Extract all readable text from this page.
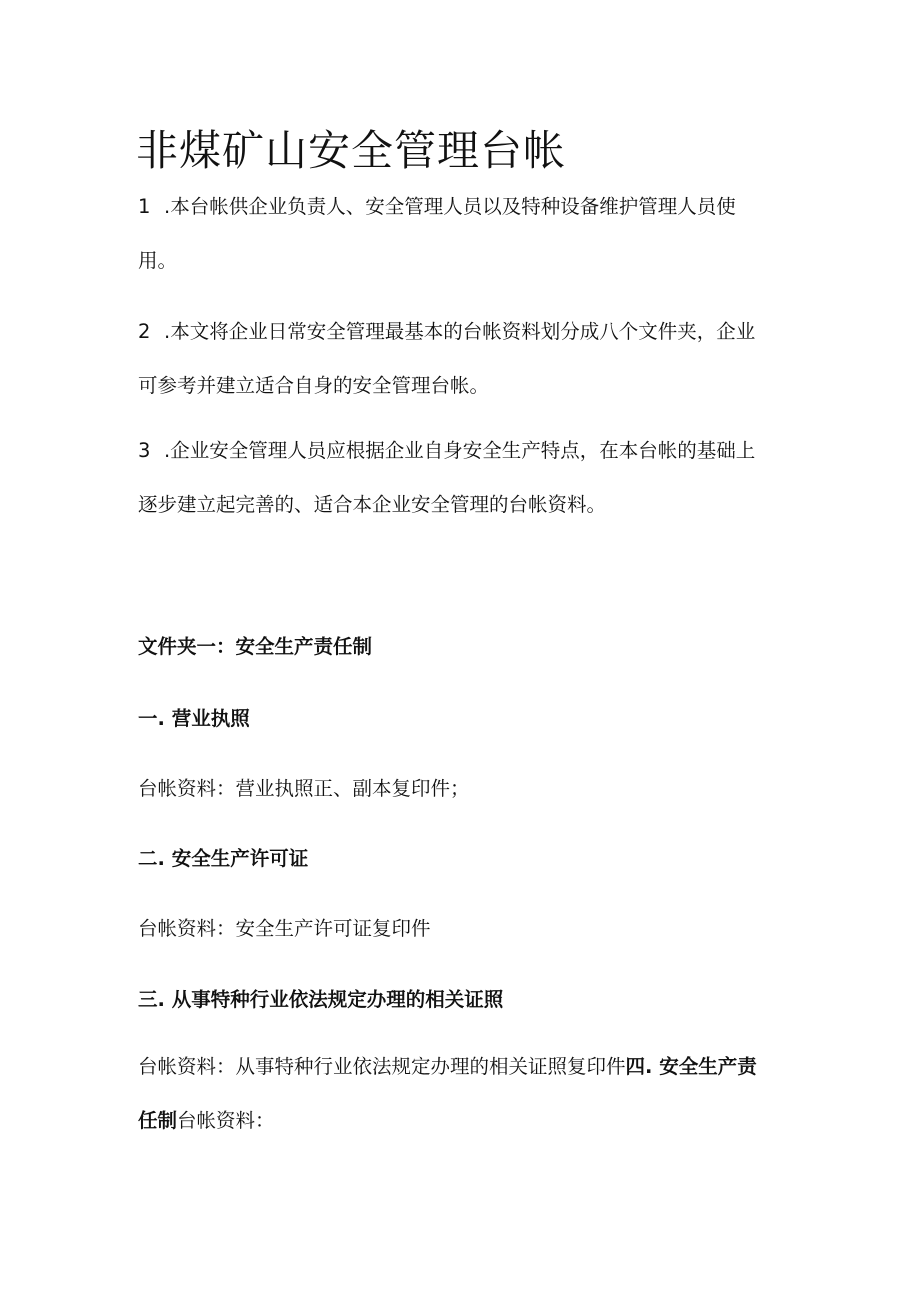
非煤矿山安全管理台帐

1 .本台帐供企业负责人、安全管理人员以及特种设备维护管理人员使
用。

2 .本文将企业日常安全管理最基本的台帐资料划分成八个文件夹，企业
可参考并建立适合自身的安全管理台帐。

3 .企业安全管理人员应根据企业自身安全生产特点，在本台帐的基础上
逐步建立起完善的、适合本企业安全管理的台帐资料。

文件夹一：安全生产责任制
一. 营业执照

台帐资料：营业执照正、副本复印件；

二. 安全生产许可证

台帐资料：安全生产许可证复印件

三. 从事特种行业依法规定办理的相关证照

台帐资料：从事特种行业依法规定办理的相关证照复印件四. 安全生产责
任制台帐资料：
